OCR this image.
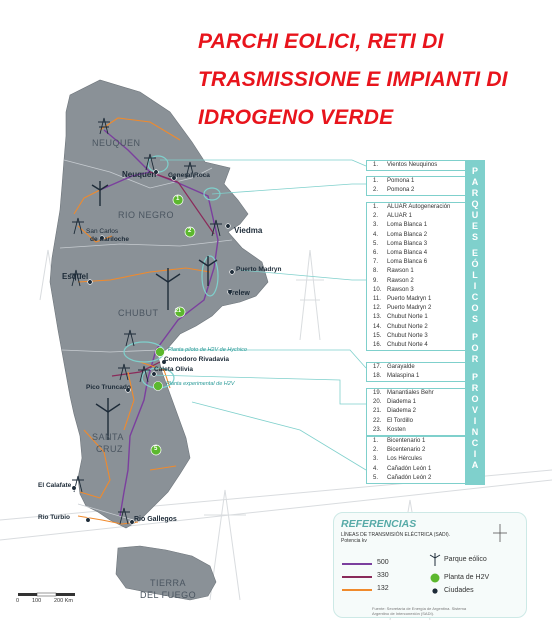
PARCHI EOLICI, RETI DI
TRASMISSIONE E IMPIANTI DI
IDROGENO VERDE
2
21
1
5
NEUQUEN
RIO NEGRO
CHUBUT
SANTA
CRUZ
TIERRA
DEL FUEGO
Neuquén General Roca
San Carlos
de Bariloche
Viedma
Esquel
Puerto Madryn
Trelew
Comodoro Rivadavia
Caleta Olivia
Pico Truncado
El Calafate
Rio Turbio	Rio Gallegos
Planta piloto de H2V de Hychico
Planta experimental de H2V
0 100 200 Km
1. Vientos Neuquinos
1. Pomona 1
2. Pomona 2
1. ALUAR Autogeneración
2. ALUAR 1
3. Loma Blanca 1
4. Loma Blanca 2
5. Loma Blanca 3
6. Loma Blanca 4
7. Loma Blanca 6
8. Rawson 1
9. Rawson 2
10. Rawson 3
11. Puerto Madryn 1
12. Puerto Madryn 2
13. Chubut Norte 1
14. Chubut Norte 2
15. Chubut Norte 3
16. Chubut Norte 4
17. Garayalde
18. Malaspina 1
19. Manantiales Behr
20. Diadema 1
21. Diadema 2
22. El Tordillo
23. Kosten
1. Bicentenario 1
2. Bicentenario 2
3. Los Hércules
4. Cañadón León 1
5. Cañadón León 2
P
A
R
Q
U
E
S
E
Ó
L
I
C
O
S
P
O
R
P
R
O
V
I
N
C
I
A
REFERENCIAS
LÍNEAS DE TRANSMISIÓN ELÉCTRICA (SADI). Potencia kv
500
330
132
Parque eólico
Planta de H2V
Ciudades
Fuente: Secretaría de Energía de Argentina. Sistema Argentino de Interconexión (SADI).
